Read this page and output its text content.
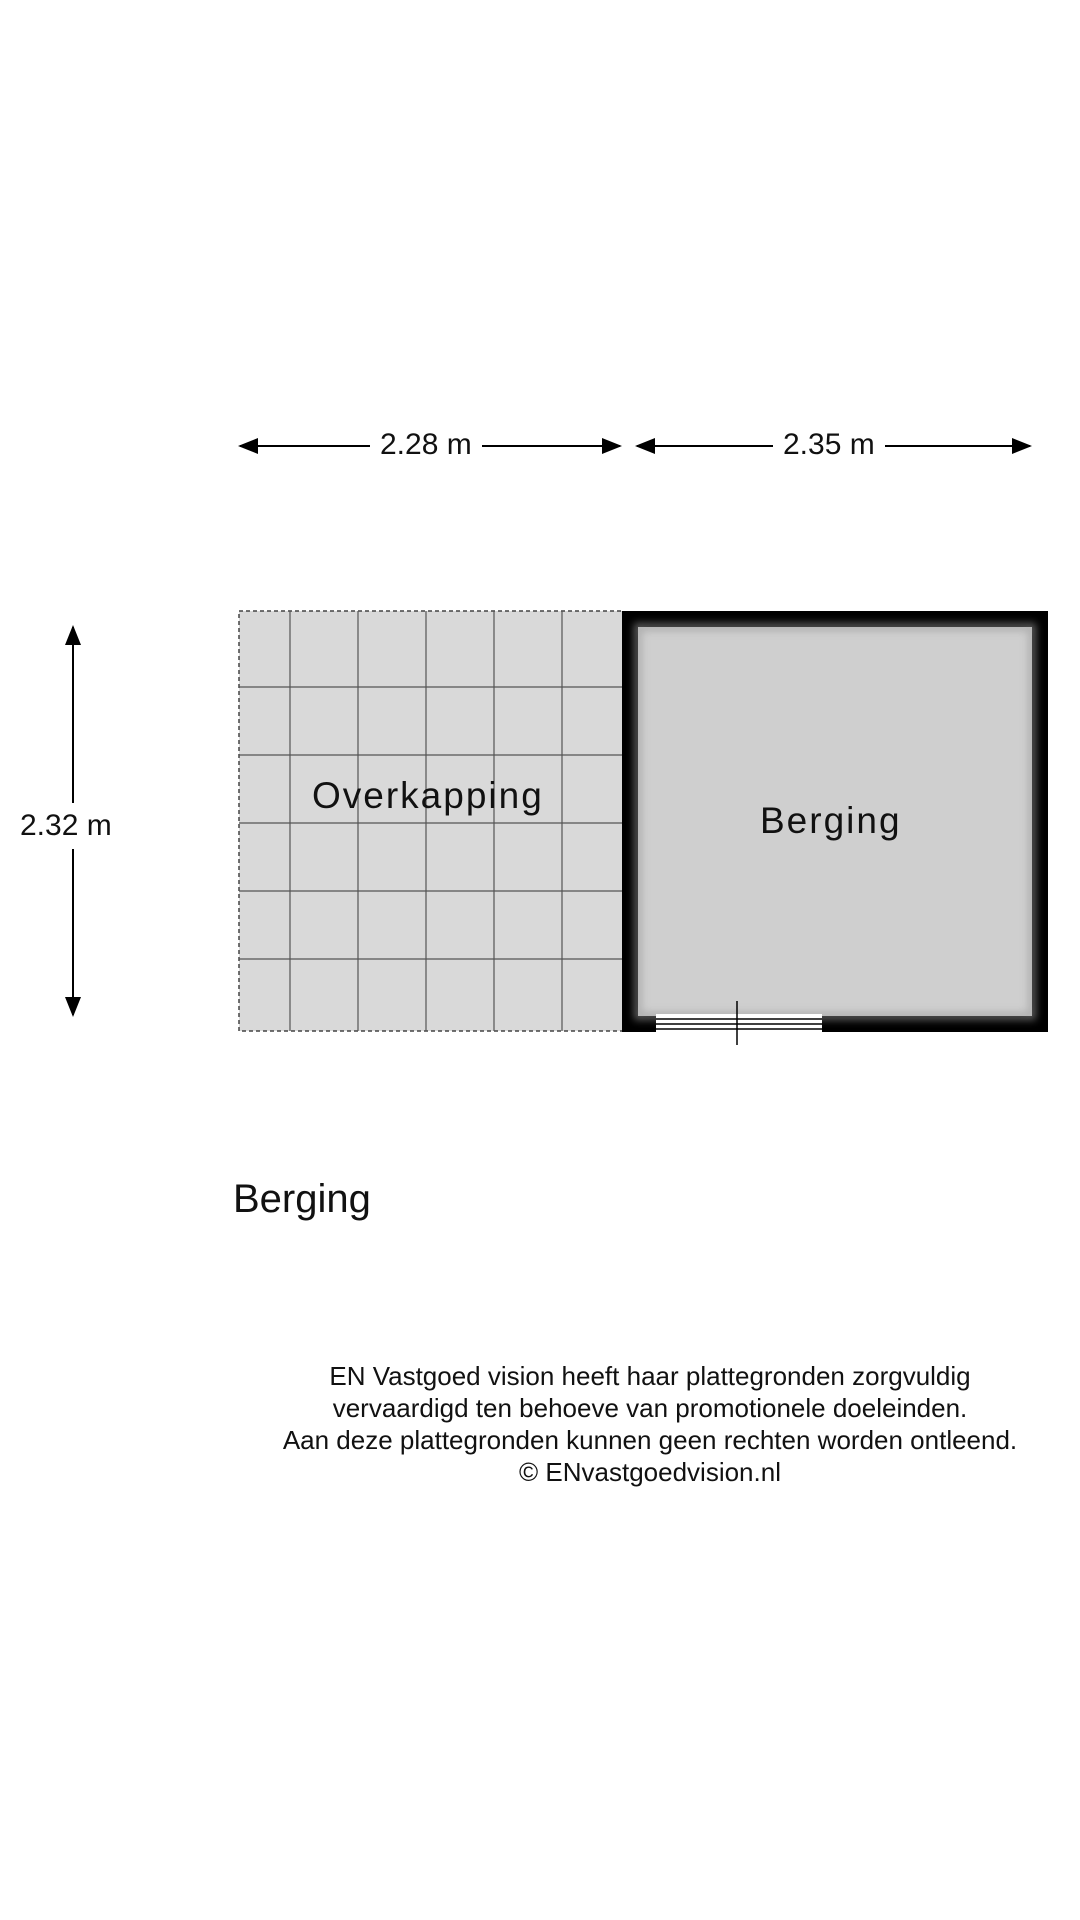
2.28 m	2.35 m
2.32 m
Overkapping
Berging
Berging
EN Vastgoed vision heeft haar plattegronden zorgvuldig
vervaardigd ten behoeve van promotionele doeleinden.
Aan deze plattegronden kunnen geen rechten worden ontleend.
© ENvastgoedvision.nl
